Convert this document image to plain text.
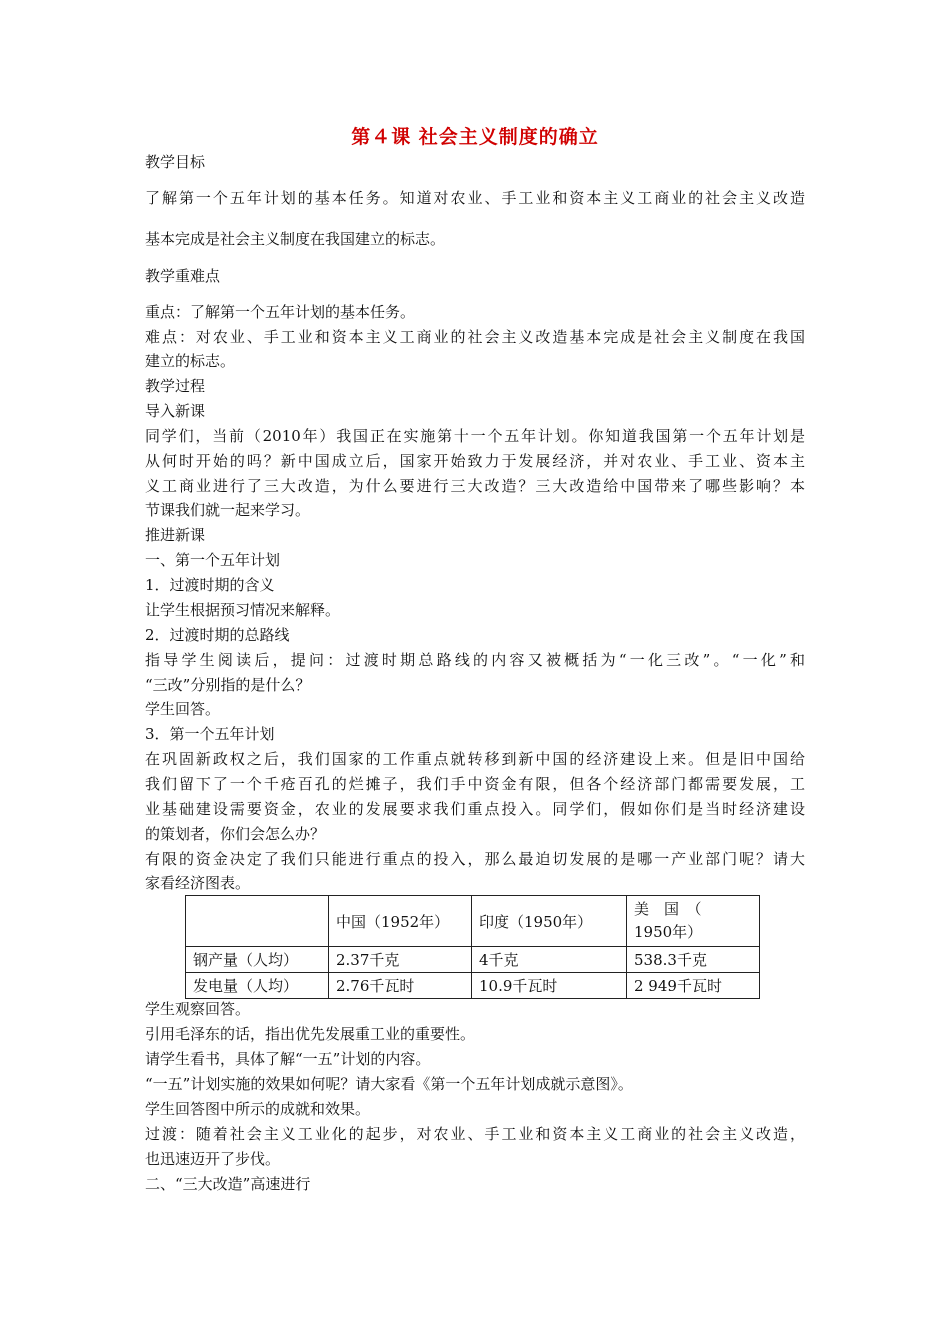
第４课 社会主义制度的确立
教学目标
了解第一个五年计划的基本任务。知道对农业、手工业和资本主义工商业的社会主义改造
基本完成是社会主义制度在我国建立的标志。
教学重难点
重点：了解第一个五年计划的基本任务。
难点：对农业、手工业和资本主义工商业的社会主义改造基本完成是社会主义制度在我国
建立的标志。
教学过程
导入新课
同学们，当前（2010年）我国正在实施第十一个五年计划。你知道我国第一个五年计划是
从何时开始的吗？新中国成立后，国家开始致力于发展经济，并对农业、手工业、资本主
义工商业进行了三大改造，为什么要进行三大改造？三大改造给中国带来了哪些影响？本
节课我们就一起来学习。
推进新课
一、第一个五年计划
1．过渡时期的含义
让学生根据预习情况来解释。
2．过渡时期的总路线
指导学生阅读后，提问：过渡时期总路线的内容又被概括为“一化三改”。“一化”和
“三改”分别指的是什么？
学生回答。
3．第一个五年计划
在巩固新政权之后，我们国家的工作重点就转移到新中国的经济建设上来。但是旧中国给
我们留下了一个千疮百孔的烂摊子，我们手中资金有限，但各个经济部门都需要发展，工
业基础建设需要资金，农业的发展要求我们重点投入。同学们，假如你们是当时经济建设
的策划者，你们会怎么办？
有限的资金决定了我们只能进行重点的投入，那么最迫切发展的是哪一产业部门呢？请大
家看经济图表。
	中国（1952年）	印度（1950年）	美　国　（　1950年）
钢产量（人均）	2.37千克	4千克	538.3千克
发电量（人均）	2.76千瓦时	10.9千瓦时	2 949千瓦时
学生观察回答。
引用毛泽东的话，指出优先发展重工业的重要性。
请学生看书，具体了解“一五”计划的内容。
“一五”计划实施的效果如何呢？请大家看《第一个五年计划成就示意图》。
学生回答图中所示的成就和效果。
过渡：随着社会主义工业化的起步，对农业、手工业和资本主义工商业的社会主义改造，
也迅速迈开了步伐。
二、“三大改造”高速进行
